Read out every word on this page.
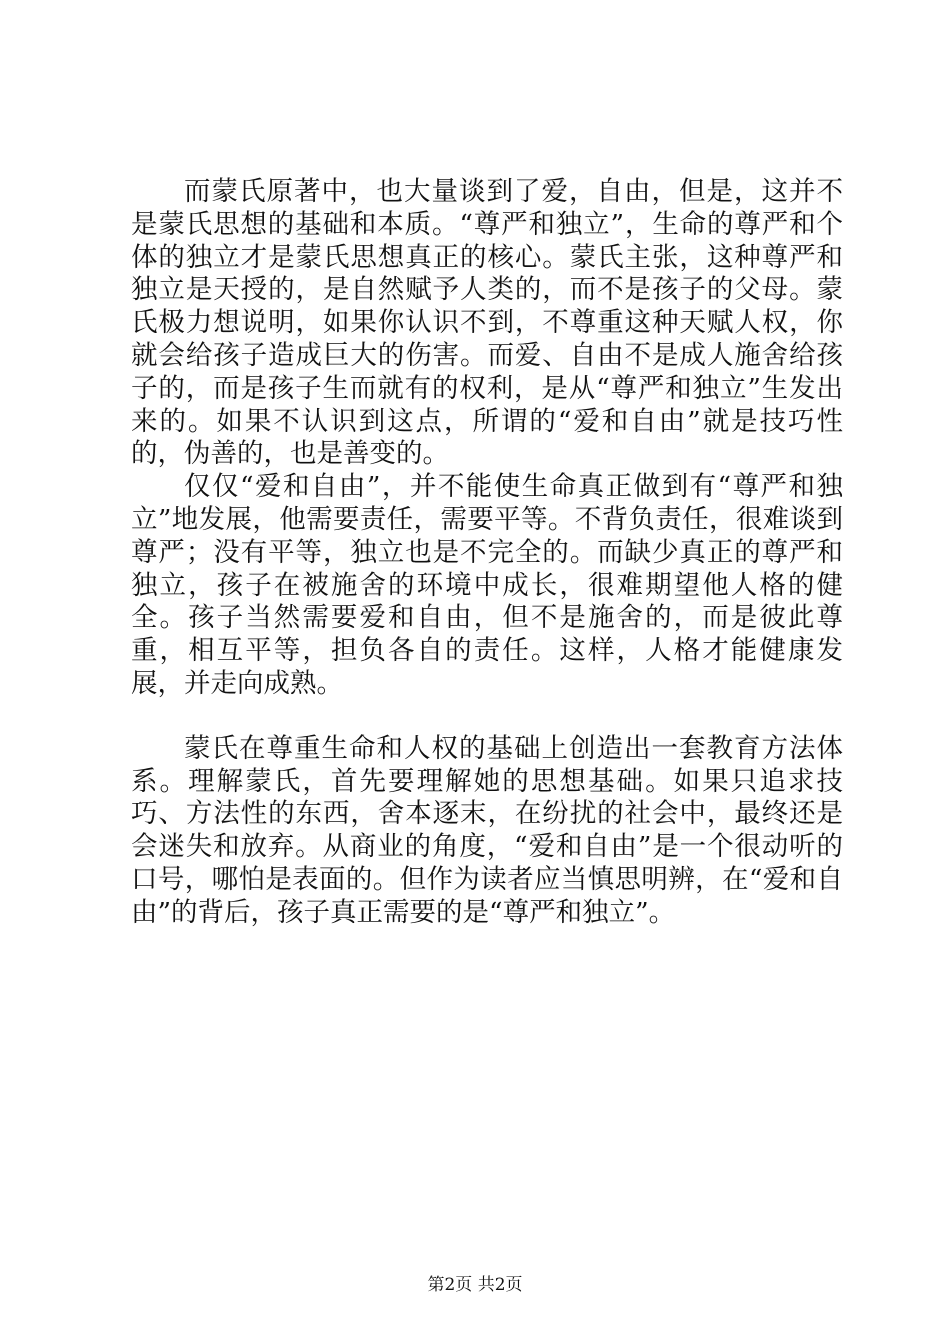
而蒙氏原著中，也大量谈到了爱，自由，但是，这并不是蒙氏思想的基础和本质。“尊严和独立”，生命的尊严和个体的独立才是蒙氏思想真正的核心。蒙氏主张，这种尊严和独立是天授的，是自然赋予人类的，而不是孩子的父母。蒙氏极力想说明，如果你认识不到，不尊重这种天赋人权，你就会给孩子造成巨大的伤害。而爱、自由不是成人施舍给孩子的，而是孩子生而就有的权利，是从“尊严和独立”生发出来的。如果不认识到这点，所谓的“爱和自由”就是技巧性的，伪善的，也是善变的。

仅仅“爱和自由”，并不能使生命真正做到有“尊严和独立”地发展，他需要责任，需要平等。不背负责任，很难谈到尊严；没有平等，独立也是不完全的。而缺少真正的尊严和独立，孩子在被施舍的环境中成长，很难期望他人格的健全。孩子当然需要爱和自由，但不是施舍的，而是彼此尊重，相互平等，担负各自的责任。这样，人格才能健康发展，并走向成熟。

蒙氏在尊重生命和人权的基础上创造出一套教育方法体系。理解蒙氏，首先要理解她的思想基础。如果只追求技巧、方法性的东西，舍本逐末，在纷扰的社会中，最终还是会迷失和放弃。从商业的角度，“爱和自由”是一个很动听的口号，哪怕是表面的。但作为读者应当慎思明辨，在“爱和自由”的背后，孩子真正需要的是“尊严和独立”。

第2页 共2页
